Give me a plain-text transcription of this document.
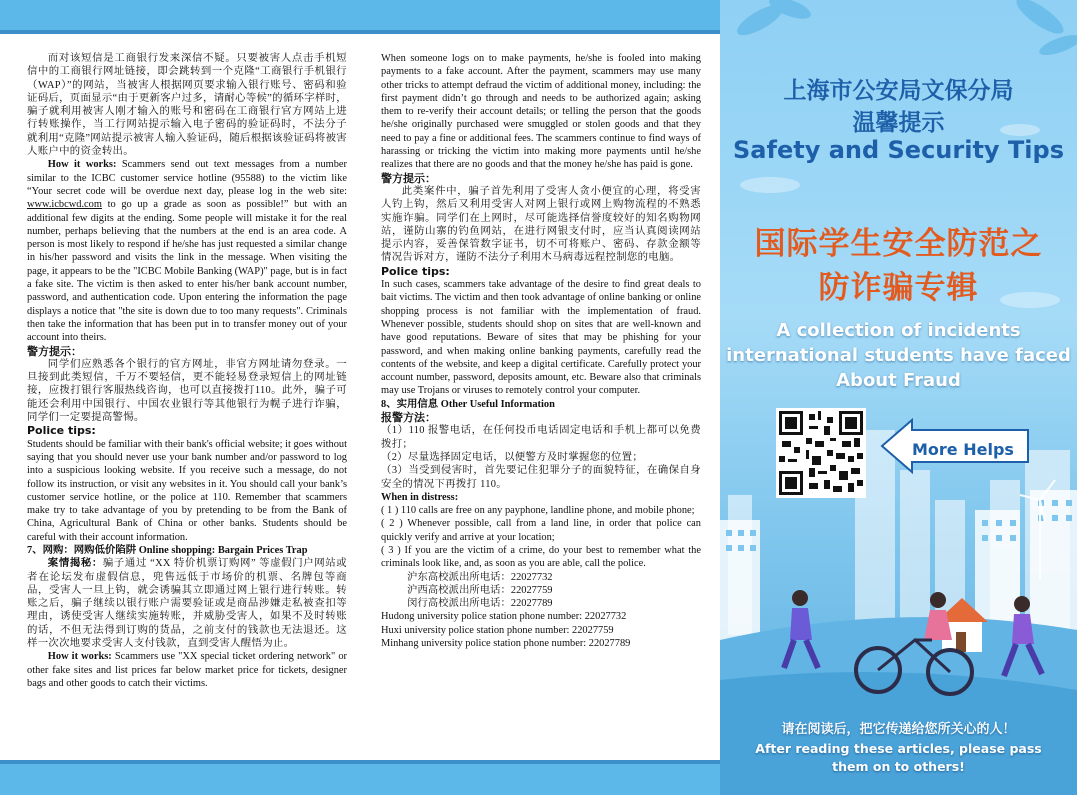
而对该短信是工商银行发来深信不疑。只要被害人点击手机短信中的工商银行网址链接，即会跳转到一个克隆“工商银行手机银行（WAP）”的网站，当被害人根据网页要求输入银行账号、密码和验证码后，页面显示“由于更新客户过多，请耐心等候”的循环字样时，骗子就利用被害人刚才输入的账号和密码在工商银行官方网站上进行转账操作，当工行网站提示输入电子密码的验证码时，不法分子就利用“克隆”网站提示被害人输入验证码，随后根据该验证码将被害人账户中的资金转出。

How it works: Scammers send out text messages from a number similar to the ICBC customer service hotline (95588) to the victim like “Your secret code will be overdue next day, please log in the web site: www.icbcwd.com to go up a grade as soon as possible!” but with an additional few digits at the ending. Some people will mistake it for the real number, perhaps believing that the numbers at the end is an area code. A person is most likely to respond if he/she has just requested a similar change in his/her password and visits the link in the message. When visiting the page, it appears to be the "ICBC Mobile Banking (WAP)" page, but is in fact a fake site. The victim is then asked to enter his/her bank account number, password, and authentication code. Upon entering the information the page displays a notice that "the site is down due to too many requests". Criminals then take the information that has been put in to transfer money out of your account into theirs.

警方提示：

同学们应熟悉各个银行的官方网址，非官方网址请勿登录。一旦接到此类短信，千万不要轻信，更不能轻易登录短信上的网址链接，应拨打银行客服热线咨询，也可以直接拨打110。此外，骗子可能还会利用中国银行、中国农业银行等其他银行为幌子进行诈骗，同学们一定要提高警惕。

Police tips:

Students should be familiar with their bank's official website; it goes without saying that you should never use your bank number and/or password to log into a suspicious looking website. If you receive such a message, do not follow its instruction, or visit any websites in it. You should call your bank’s customer service hotline, or the police at 110. Remember that scammers make try to take advantage of you by pretending to be from the Bank of China, Agricultural Bank of China or other banks. Students should be careful with their account information.

7、网购：网购低价陷阱 Online shopping: Bargain Prices Trap

案情揭秘：骗子通过 “XX 特价机票订购网” 等虚假门户网站或者在论坛发布虚假信息，兜售远低于市场价的机票、名牌包等商品，受害人一旦上钩，就会诱骗其立即通过网上银行进行转账。转账之后，骗子继续以银行账户需要验证或是商品涉嫌走私被查扣等理由，诱使受害人继续实施转账，并威胁受害人，如果不及时转账的话，不但无法得到订购的货品，之前支付的钱款也无法退还。这样一次次地要求受害人支付钱款，直到受害人醒悟为止。

How it works: Scammers use "XX special ticket ordering network" or other fake sites and list prices far below market price for tickets, designer bags and other goods to catch their victims.

When someone logs on to make payments, he/she is fooled into making payments to a fake account. After the payment, scammers may use many other tricks to attempt defraud the victim of additional money, including: the first payment didn’t go through and needs to be authorized again; asking them to re-verify their account details; or telling the person that the goods he/she originally purchased were smuggled or stolen goods and that they need to pay a fine or additional fees. The scammers continue to find ways of harassing or tricking the victim into making more payments until he/she realizes that there are no goods and that the money he/she has paid is gone.

警方提示：

此类案件中，骗子首先利用了受害人贪小便宜的心理，将受害人钓上钩，然后又利用受害人对网上银行或网上购物流程的不熟悉实施诈骗。同学们在上网时，尽可能选择信誉度较好的知名购物网站，谨防山寨的钓鱼网站，在进行网银支付时，应当认真阅读网站提示内容，妥善保管数字证书，切不可将账户、密码、存款金额等情况告诉对方，谨防不法分子利用木马病毒远程控制您的电脑。

Police tips:

In such cases, scammers take advantage of the desire to find great deals to bait victims. The victim and then took advantage of online banking or online shopping process is not familiar with the implementation of fraud. Whenever possible, students should shop on sites that are well-known and have good reputations. Beware of sites that may be phishing for your password, and when making online banking payments, carefully read the contents of the website, and keep a digital certificate. Carefully protect your account number, password, deposits amount, etc. Beware also that criminals may use Trojans or viruses to remotely control your computer.

8、实用信息 Other Useful Information

报警方法：

（1）110 报警电话，在任何投币电话固定电话和手机上都可以免费拨打；

（2）尽量选择固定电话，以便警方及时掌握您的位置；

（3）当受到侵害时，首先要记住犯罪分子的面貌特征，在确保自身安全的情况下再拨打 110。

When in distress:

( 1 ) 110 calls are free on any payphone, landline phone, and mobile phone;

( 2 ) Whenever possible, call from a land line, in order that police can quickly verify and arrive at your location;

( 3 ) If you are the victim of a crime, do your best to remember what the criminals look like, and, as soon as you are able, call the police.

沪东高校派出所电话：22027732

沪西高校派出所电话：22027759

闵行高校派出所电话：22027789

Hudong university police station phone number: 22027732

Huxi university police station phone number: 22027759

Minhang university police station phone number: 22027789

上海市公安局文保分局
温馨提示
Safety and Security Tips
国际学生安全防范之
防诈骗专辑
A collection of incidents
international students have faced
About Fraud
More Helps
请在阅读后，把它传递给您所关心的人！
After reading these articles, please pass
them on to others!
